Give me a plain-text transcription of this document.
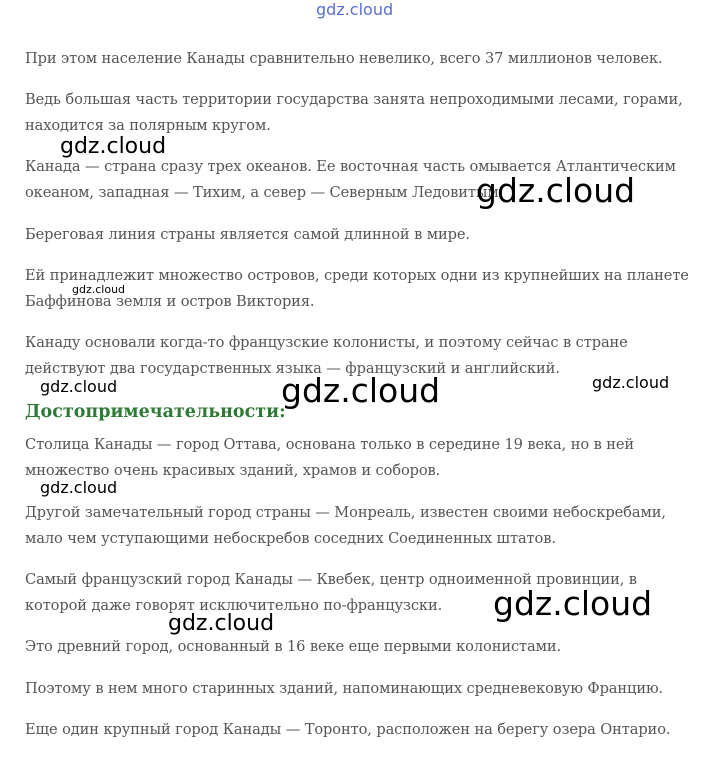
gdz.cloud

При этом население Канады сравнительно невелико, всего 37 миллионов человек.

Ведь большая часть территории государства занята непроходимыми лесами, горами, находится за полярным кругом.

Канада — страна сразу трех океанов. Ее восточная часть омывается Атлантическим океаном, западная — Тихим, а север — Северным Ледовитым.

Береговая линия страны является самой длинной в мире.

Ей принадлежит множество островов, среди которых одни из крупнейших на планете Баффинова земля и остров Виктория.

Канаду основали когда-то французские колонисты, и поэтому сейчас в стране действуют два государственных языка — французский и английский.

Достопримечательности:

Столица Канады — город Оттава, основана только в середине 19 века, но в ней множество очень красивых зданий, храмов и соборов.

Другой замечательный город страны — Монреаль, известен своими небоскребами, мало чем уступающими небоскребов соседних Соединенных штатов.

Самый французский город Канады — Квебек, центр одноименной провинции, в которой даже говорят исключительно по-французски.

Это древний город, основанный в 16 веке еще первыми колонистами.

Поэтому в нем много старинных зданий, напоминающих средневековую Францию.

Еще один крупный город Канады — Торонто, расположен на берегу озера Онтарио.

gdz.cloud
gdz.cloud
gdz.cloud
gdz.cloud	gdz.cloud	gdz.cloud
gdz.cloud
gdz.cloud
gdz.cloud
